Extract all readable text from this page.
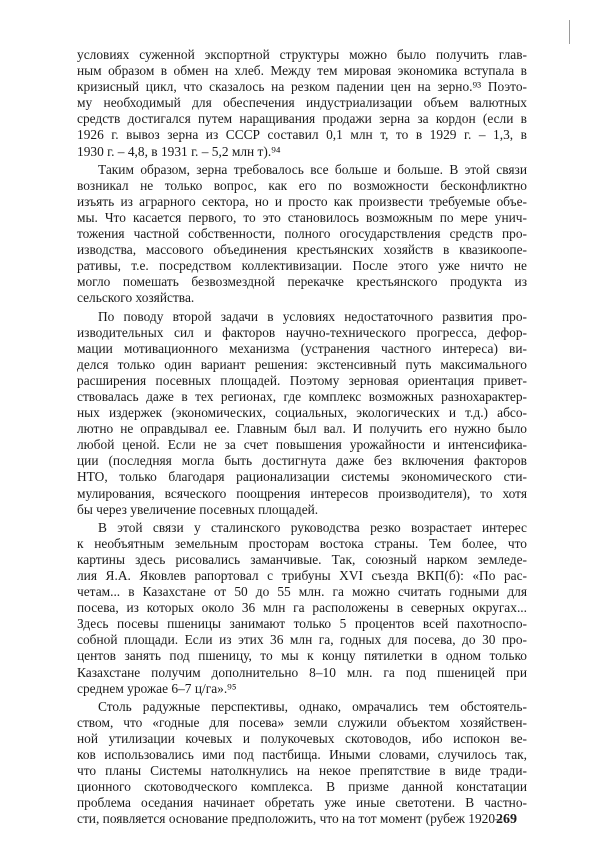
условиях суженной экспортной структуры можно было получить глав-
ным образом в обмен на хлеб. Между тем мировая экономика вступала в
кризисный цикл, что сказалось на резком падении цен на зерно.⁹³ Поэто-
му необходимый для обеспечения индустриализации объем валютных
средств достигался путем наращивания продажи зерна за кордон (если в
1926 г. вывоз зерна из СССР составил 0,1 млн т, то в 1929 г. – 1,3, в
1930 г. – 4,8, в 1931 г. – 5,2 млн т).⁹⁴

Таким образом, зерна требовалось все больше и больше. В этой связи
возникал не только вопрос, как его по возможности бесконфликтно
изъять из аграрного сектора, но и просто как произвести требуемые объе-
мы. Что касается первого, то это становилось возможным по мере унич-
тожения частной собственности, полного огосударствления средств про-
изводства, массового объединения крестьянских хозяйств в квазикоопе-
ративы, т.е. посредством коллективизации. После этого уже ничто не
могло помешать безвозмездной перекачке крестьянского продукта из
сельского хозяйства.

По поводу второй задачи в условиях недостаточного развития про-
изводительных сил и факторов научно-технического прогресса, дефор-
мации мотивационного механизма (устранения частного интереса) ви-
делся только один вариант решения: экстенсивный путь максимального
расширения посевных площадей. Поэтому зерновая ориентация привет-
ствовалась даже в тех регионах, где комплекс возможных разнохарактер-
ных издержек (экономических, социальных, экологических и т.д.) абсо-
лютно не оправдывал ее. Главным был вал. И получить его нужно было
любой ценой. Если не за счет повышения урожайности и интенсифика-
ции (последняя могла быть достигнута даже без включения факторов
НТО, только благодаря рационализации системы экономического сти-
мулирования, всяческого поощрения интересов производителя), то хотя
бы через увеличение посевных площадей.

В этой связи у сталинского руководства резко возрастает интерес
к необъятным земельным просторам востока страны. Тем более, что
картины здесь рисовались заманчивые. Так, союзный нарком земледе-
лия Я.А. Яковлев рапортовал с трибуны XVI съезда ВКП(б): «По рас-
четам... в Казахстане от 50 до 55 млн. га можно считать годными для
посева, из которых около 36 млн га расположены в северных округах...
Здесь посевы пшеницы занимают только 5 процентов всей пахотноспо-
собной площади. Если из этих 36 млн га, годных для посева, до 30 про-
центов занять под пшеницу, то мы к концу пятилетки в одном только
Казахстане получим дополнительно 8–10 млн. га под пшеницей при
среднем урожае 6–7 ц/га».⁹⁵

Столь радужные перспективы, однако, омрачались тем обстоятель-
ством, что «годные для посева» земли служили объектом хозяйствен-
ной утилизации кочевых и полукочевых скотоводов, ибо испокон ве-
ков использовались ими под пастбища. Иными словами, случилось так,
что планы Системы натолкнулись на некое препятствие в виде тради-
ционного скотоводческого комплекса. В призме данной констатации
проблема оседания начинает обретать уже иные светотени. В частно-
сти, появляется основание предположить, что на тот момент (рубеж 1920–

269
